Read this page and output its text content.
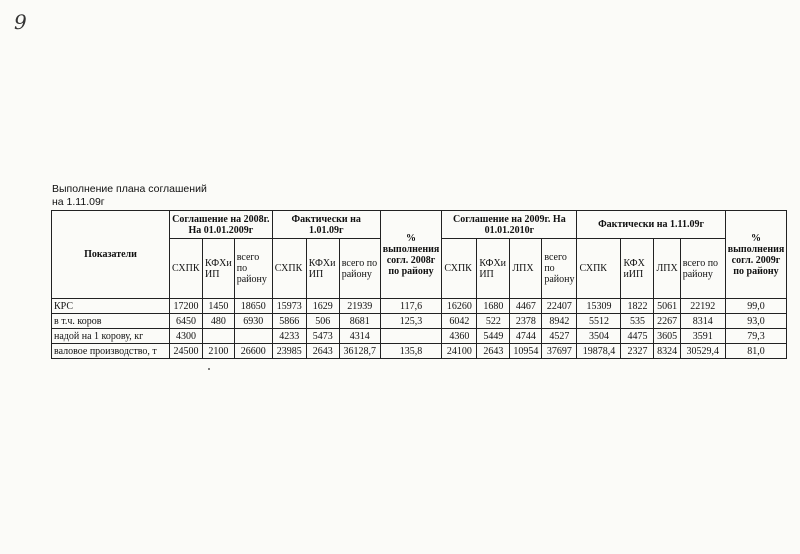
9
Выполнение плана соглашений
на 1.11.09г
Показатели	Соглашение на 2008г. На 01.01.2009г			Фактически на 1.01.09г			% выполнения согл. 2008г по району	Соглашение на 2009г. На 01.01.2010г				Фактически на 1.11.09г				% выполнения согл. 2009г по району
	СХПК	КФХи ИП	всего по району	СХПК	КФХи ИП	всего по району		СХПК	КФХи ИП	ЛПХ	всего по району	СХПК	КФХ иИП	ЛПХ	всего по району	
КРС	17200	1450	18650	15973	1629	21939	117,6	16260	1680	4467	22407	15309	1822	5061	22192	99,0
в т.ч. коров	6450	480	6930	5866	506	8681	125,3	6042	522	2378	8942	5512	535	2267	8314	93,0
надой на 1 корову, кг	4300			4233	5473	4314		4360	5449	4744	4527	3504	4475	3605	3591	79,3
валовое производство, т	24500	2100	26600	23985	2643	36128,7	135,8	24100	2643	10954	37697	19878,4	2327	8324	30529,4	81,0
